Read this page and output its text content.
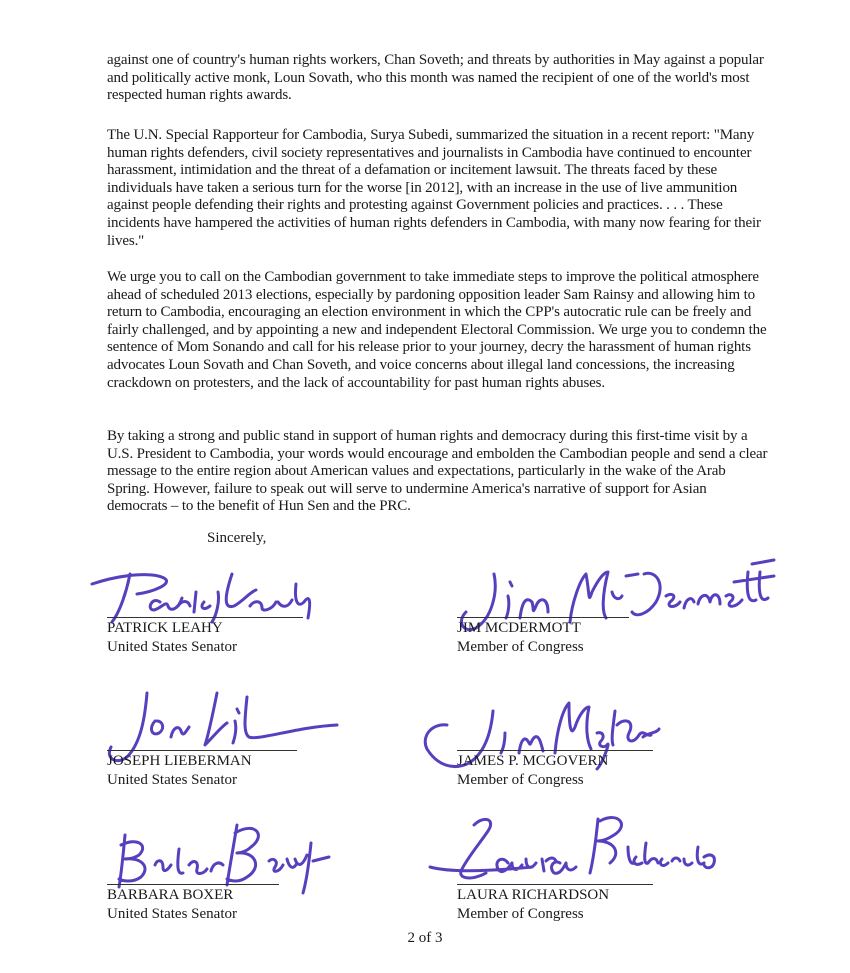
against one of country's human rights workers, Chan Soveth; and threats by authorities in May against a popular and politically active monk, Loun Sovath, who this month was named the recipient of one of the world's most respected human rights awards.

The U.N. Special Rapporteur for Cambodia, Surya Subedi, summarized the situation in a recent report: "Many human rights defenders, civil society representatives and journalists in Cambodia have continued to encounter harassment, intimidation and the threat of a defamation or incitement lawsuit. The threats faced by these individuals have taken a serious turn for the worse [in 2012], with an increase in the use of live ammunition against people defending their rights and protesting against Government policies and practices. . . . These incidents have hampered the activities of human rights defenders in Cambodia, with many now fearing for their lives."

We urge you to call on the Cambodian government to take immediate steps to improve the political atmosphere ahead of scheduled 2013 elections, especially by pardoning opposition leader Sam Rainsy and allowing him to return to Cambodia, encouraging an election environment in which the CPP's autocratic rule can be freely and fairly challenged, and by appointing a new and independent Electoral Commission. We urge you to condemn the sentence of Mom Sonando and call for his release prior to your journey, decry the harassment of human rights advocates Loun Sovath and Chan Soveth, and voice concerns about illegal land concessions, the increasing crackdown on protesters, and the lack of accountability for past human rights abuses.

By taking a strong and public stand in support of human rights and democracy during this first-time visit by a U.S. President to Cambodia, your words would encourage and embolden the Cambodian people and send a clear message to the entire region about American values and expectations, particularly in the wake of the Arab Spring. However, failure to speak out will serve to undermine America's narrative of support for Asian democrats – to the benefit of Hun Sen and the PRC.

Sincerely,
PATRICK LEAHY
United States Senator
JIM MCDERMOTT
Member of Congress
JOSEPH LIEBERMAN
United States Senator
JAMES P. MCGOVERN
Member of Congress
BARBARA BOXER
United States Senator
LAURA RICHARDSON
Member of Congress
2 of 3
